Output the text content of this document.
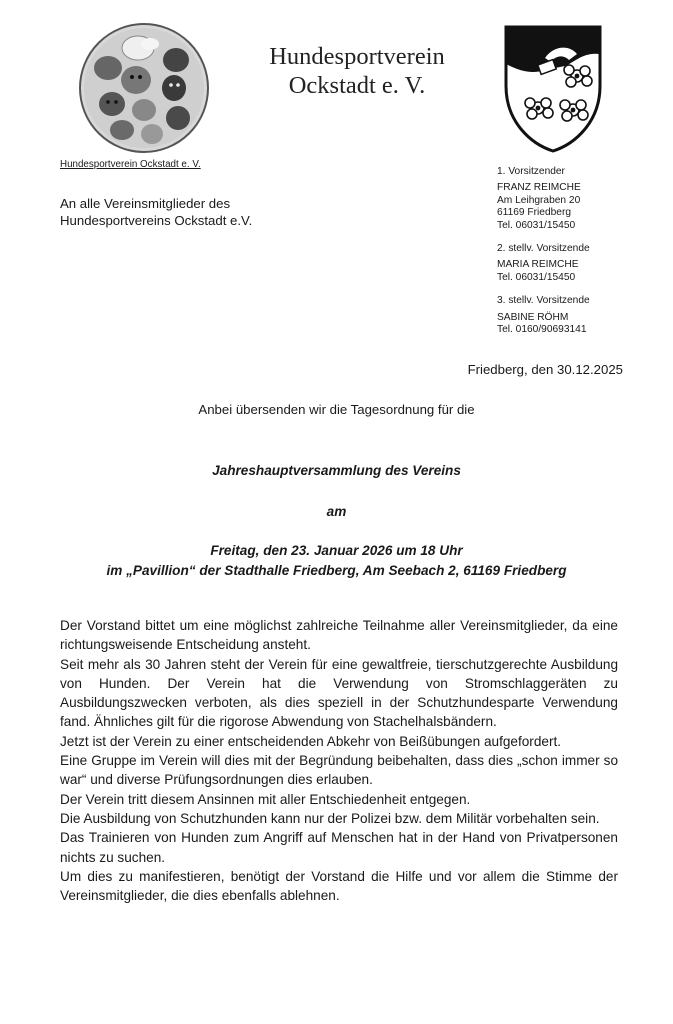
Hundesportverein
Ockstadt e. V.
Hundesportverein Ockstadt e. V.
An alle Vereinsmitglieder des
Hundesportvereins Ockstadt e.V.
1. Vorsitzender
FRANZ REIMCHE
Am Leihgraben 20
61169 Friedberg
Tel. 06031/15450
2. stellv. Vorsitzende
MARIA REIMCHE
Tel. 06031/15450
3. stellv. Vorsitzende
SABINE RÖHM
Tel. 0160/90693141
Friedberg, den 30.12.2025
Anbei übersenden wir die Tagesordnung für die
Jahreshauptversammlung des Vereins
am
Freitag, den 23. Januar 2026 um 18 Uhr
im „Pavillion“ der Stadthalle Friedberg, Am Seebach 2, 61169 Friedberg

Der Vorstand bittet um eine möglichst zahlreiche Teilnahme aller Vereinsmitglieder, da eine richtungsweisende Entscheidung ansteht.

Seit mehr als 30 Jahren steht der Verein für eine gewaltfreie, tierschutzgerechte Ausbildung von Hunden. Der Verein hat die Verwendung von Stromschlaggeräten zu Ausbildungszwecken verboten, als dies speziell in der Schutzhundesparte Verwendung fand. Ähnliches gilt für die rigorose Abwendung von Stachelhalsbändern.

Jetzt ist der Verein zu einer entscheidenden Abkehr von Beißübungen aufgefordert.

Eine Gruppe im Verein will dies mit der Begründung beibehalten, dass dies „schon immer so war“ und diverse Prüfungsordnungen dies erlauben.

Der Verein tritt diesem Ansinnen mit aller Entschiedenheit entgegen.

Die Ausbildung von Schutzhunden kann nur der Polizei bzw. dem Militär vorbehalten sein.

Das Trainieren von Hunden zum Angriff auf Menschen hat in der Hand von Privatpersonen nichts zu suchen.

Um dies zu manifestieren, benötigt der Vorstand die Hilfe und vor allem die Stimme der Vereinsmitglieder, die dies ebenfalls ablehnen.
